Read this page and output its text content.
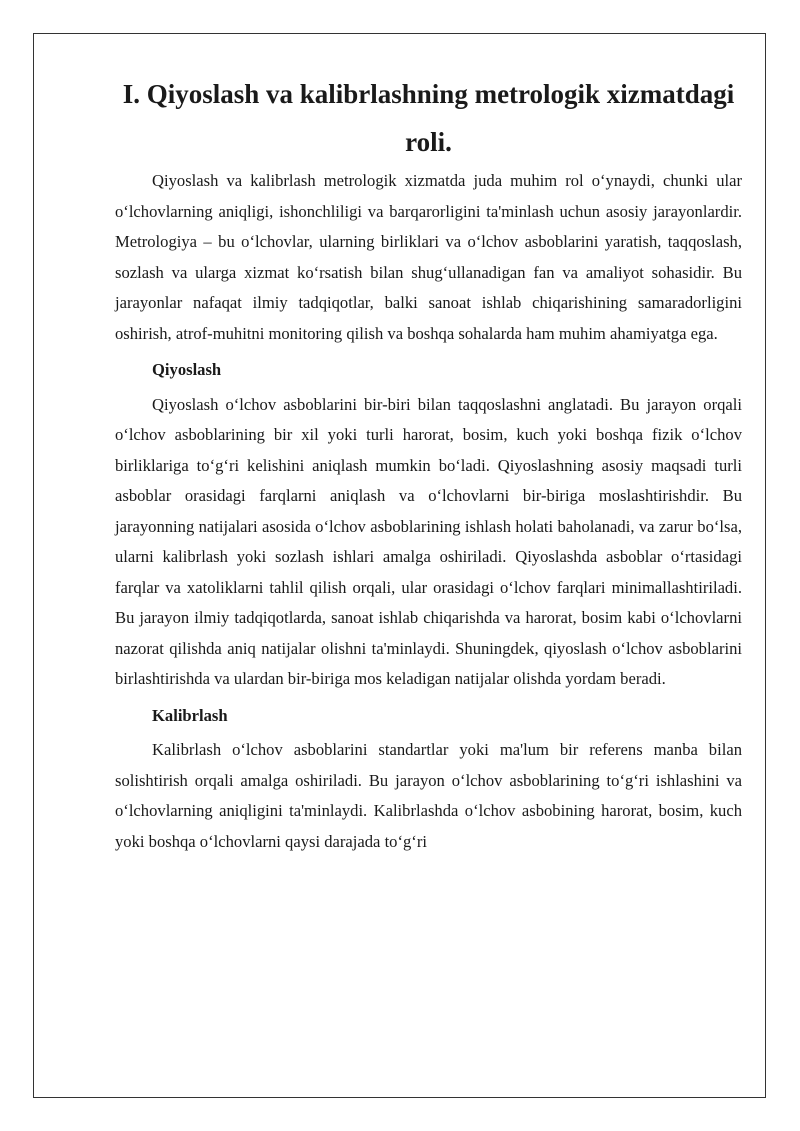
I. Qiyoslash va kalibrlashning metrologik xizmatdagi roli.

Qiyoslash va kalibrlash metrologik xizmatda juda muhim rol o‘ynaydi, chunki ular o‘lchovlarning aniqligi, ishonchliligi va barqarorligini ta'minlash uchun asosiy jarayonlardir. Metrologiya – bu o‘lchovlar, ularning birliklari va o‘lchov asboblarini yaratish, taqqoslash, sozlash va ularga xizmat ko‘rsatish bilan shug‘ullanadigan fan va amaliyot sohasidir. Bu jarayonlar nafaqat ilmiy tadqiqotlar, balki sanoat ishlab chiqarishining samaradorligini oshirish, atrof-muhitni monitoring qilish va boshqa sohalarda ham muhim ahamiyatga ega.

Qiyoslash

Qiyoslash o‘lchov asboblarini bir-biri bilan taqqoslashni anglatadi. Bu jarayon orqali o‘lchov asboblarining bir xil yoki turli harorat, bosim, kuch yoki boshqa fizik o‘lchov birliklariga to‘g‘ri kelishini aniqlash mumkin bo‘ladi. Qiyoslashning asosiy maqsadi turli asboblar orasidagi farqlarni aniqlash va o‘lchovlarni bir-biriga moslashtirishdir. Bu jarayonning natijalari asosida o‘lchov asboblarining ishlash holati baholanadi, va zarur bo‘lsa, ularni kalibrlash yoki sozlash ishlari amalga oshiriladi. Qiyoslashda asboblar o‘rtasidagi farqlar va xatoliklarni tahlil qilish orqali, ular orasidagi o‘lchov farqlari minimallashtiriladi. Bu jarayon ilmiy tadqiqotlarda, sanoat ishlab chiqarishda va harorat, bosim kabi o‘lchovlarni nazorat qilishda aniq natijalar olishni ta'minlaydi. Shuningdek, qiyoslash o‘lchov asboblarini birlashtirishda va ulardan bir-biriga mos keladigan natijalar olishda yordam beradi.

Kalibrlash

Kalibrlash o‘lchov asboblarini standartlar yoki ma'lum bir referens manba bilan solishtirish orqali amalga oshiriladi. Bu jarayon o‘lchov asboblarining to‘g‘ri ishlashini va o‘lchovlarning aniqligini ta'minlaydi. Kalibrlashda o‘lchov asbobining harorat, bosim, kuch yoki boshqa o‘lchovlarni qaysi darajada to‘g‘ri
